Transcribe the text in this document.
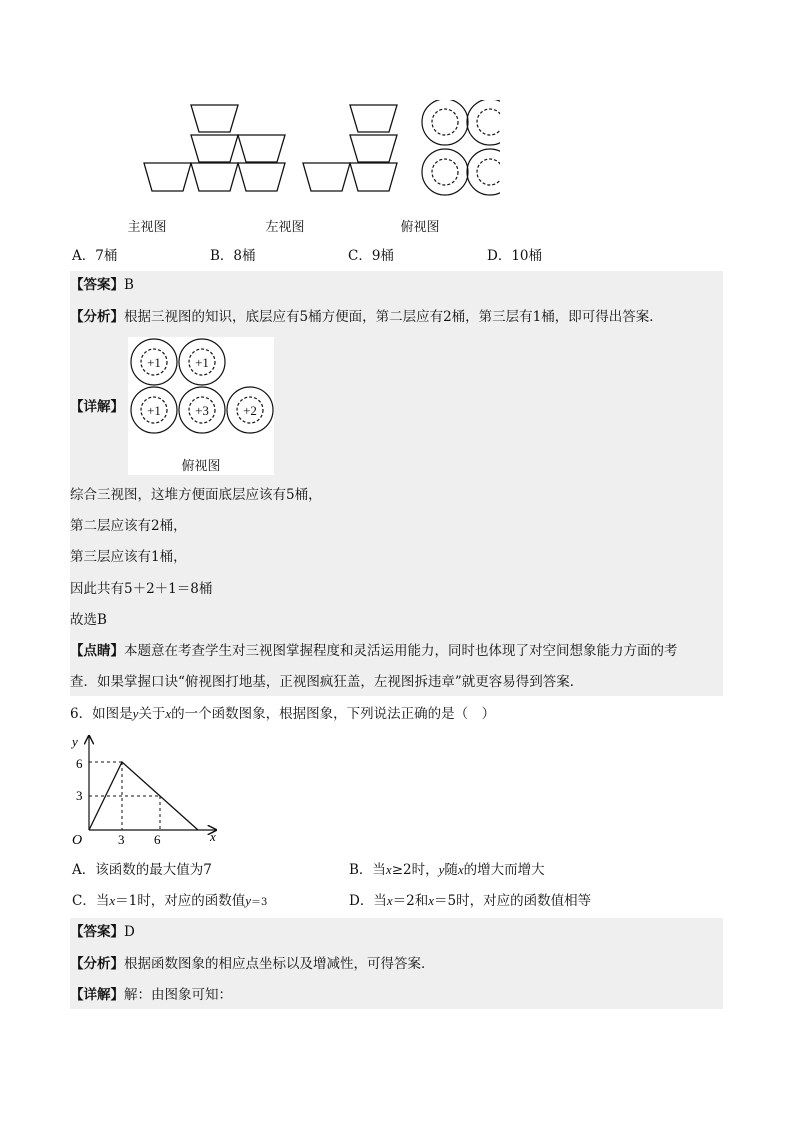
主视图	左视图	俯视图
A．7桶	B．8桶	C．9桶	D．10桶
【答案】B
【分析】根据三视图的知识，底层应有5桶方便面，第二层应有2桶，第三层有1桶，即可得出答案．
【详解】
+1	+1
+1	+3	+2
俯视图
综合三视图，这堆方便面底层应该有5桶，
第二层应该有2桶，
第三层应该有1桶，
因此共有5＋2＋1＝8桶
故选B
【点睛】本题意在考查学生对三视图掌握程度和灵活运用能力，同时也体现了对空间想象能力方面的考
查．如果掌握口诀“俯视图打地基，正视图疯狂盖，左视图拆违章”就更容易得到答案．
6．如图是y关于x的一个函数图象，根据图象，下列说法正确的是（　）
y
x
O
6
3
3 6
A．该函数的最大值为7	B．当x≥2时，y随x的增大而增大
C．当x＝1时，对应的函数值y＝3	D．当x＝2和x＝5时，对应的函数值相等
【答案】D
【分析】根据函数图象的相应点坐标以及增减性，可得答案．
【详解】解：由图象可知：
